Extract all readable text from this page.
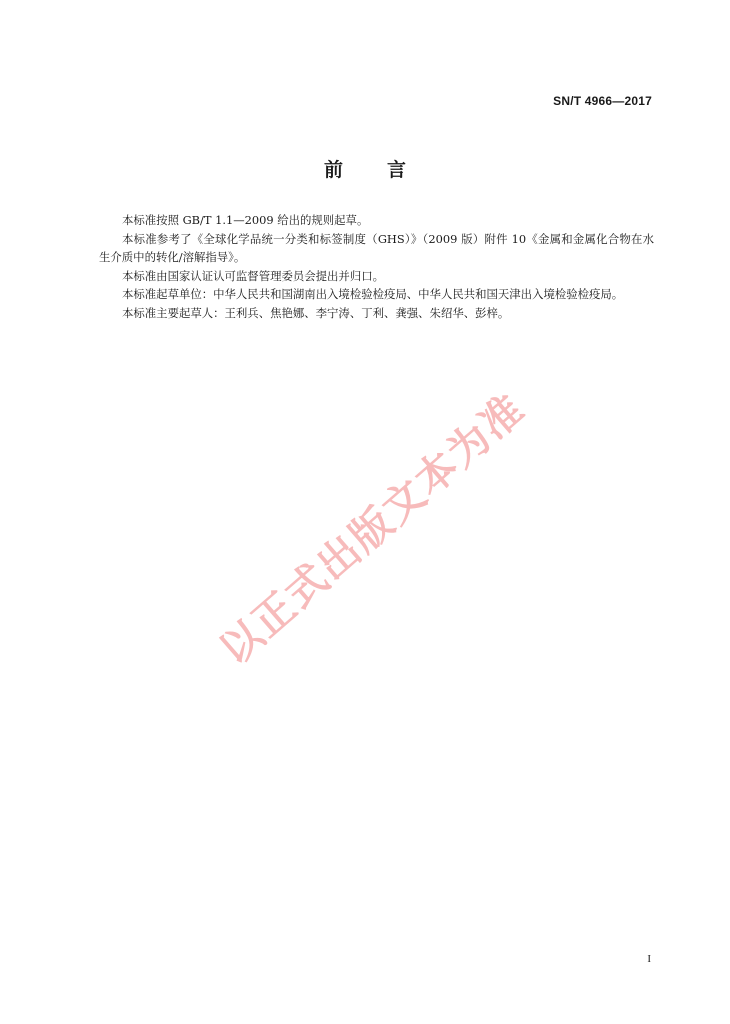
SN/T 4966—2017
前 言

本标准按照 GB/T 1.1—2009 给出的规则起草。

本标准参考了《全球化学品统一分类和标签制度（GHS）》（2009 版）附件 10《金属和金属化合物在水生介质中的转化/溶解指导》。

本标准由国家认证认可监督管理委员会提出并归口。

本标准起草单位：中华人民共和国湖南出入境检验检疫局、中华人民共和国天津出入境检验检疫局。

本标准主要起草人：王利兵、焦艳娜、李宁涛、丁利、龚强、朱绍华、彭梓。

以正式出版文本为准
I
